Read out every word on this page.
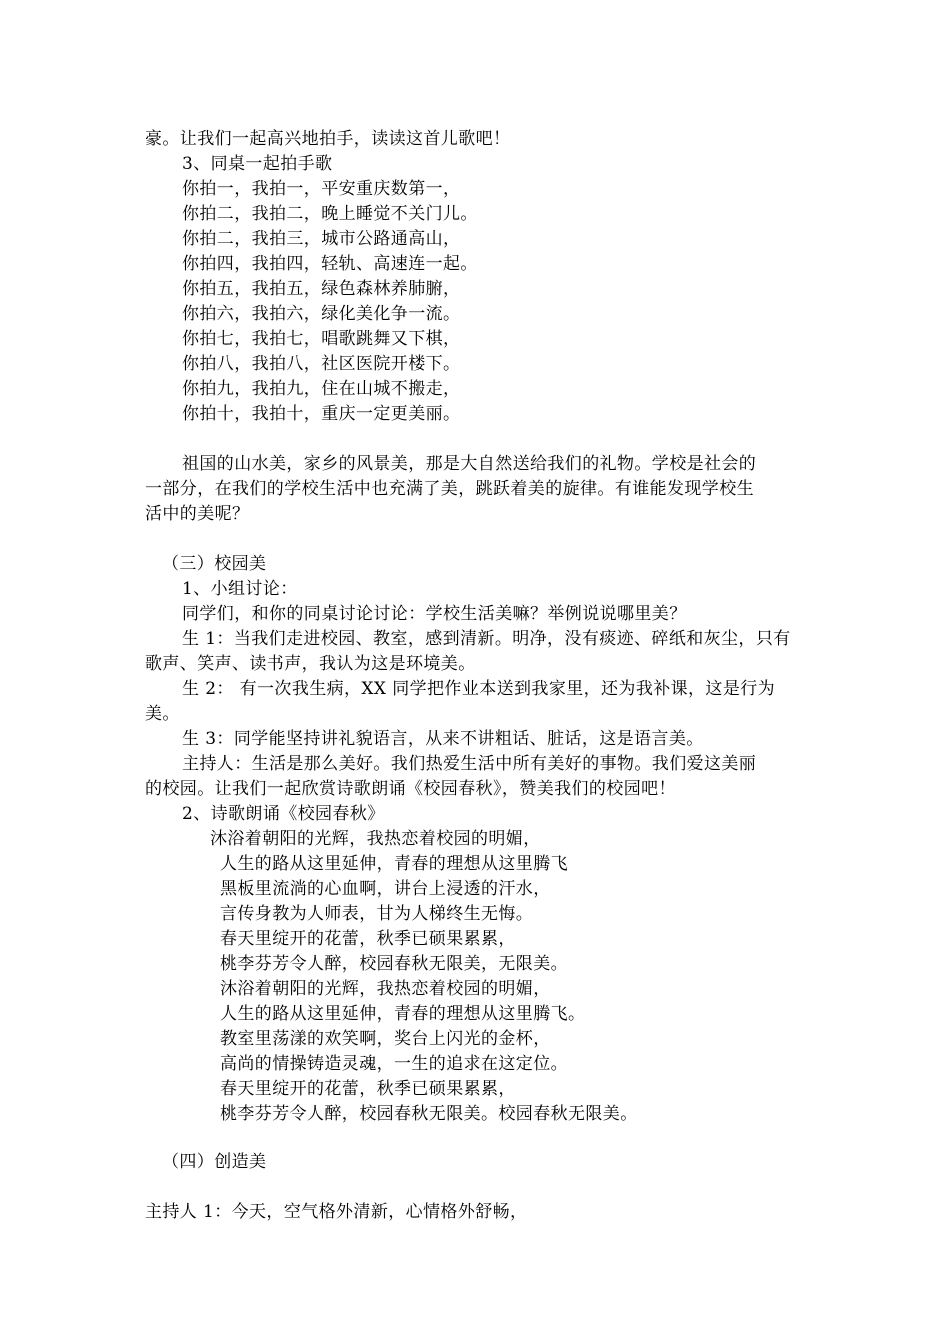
豪。让我们一起高兴地拍手，读读这首儿歌吧！
3、同桌一起拍手歌
你拍一，我拍一，平安重庆数第一，
你拍二，我拍二，晚上睡觉不关门儿。
你拍二，我拍三，城市公路通高山，
你拍四，我拍四，轻轨、高速连一起。
你拍五，我拍五，绿色森林养肺腑，
你拍六，我拍六，绿化美化争一流。
你拍七，我拍七，唱歌跳舞又下棋，
你拍八，我拍八，社区医院开楼下。
你拍九，我拍九，住在山城不搬走，
你拍十，我拍十，重庆一定更美丽。
祖国的山水美，家乡的风景美，那是大自然送给我们的礼物。学校是社会的
一部分，在我们的学校生活中也充满了美，跳跃着美的旋律。有谁能发现学校生
活中的美呢？
（三）校园美
1、小组讨论：
同学们，和你的同桌讨论讨论：学校生活美嘛？举例说说哪里美？
生 1：当我们走进校园、教室，感到清新。明净，没有痰迹、碎纸和灰尘，只有
歌声、笑声、读书声，我认为这是环境美。
生 2： 有一次我生病，XX 同学把作业本送到我家里，还为我补课，这是行为
美。
生 3：同学能坚持讲礼貌语言，从来不讲粗话、脏话，这是语言美。
主持人：生活是那么美好。我们热爱生活中所有美好的事物。我们爱这美丽
的校园。让我们一起欣赏诗歌朗诵《校园春秋》，赞美我们的校园吧！
2、诗歌朗诵《校园春秋》
沐浴着朝阳的光辉，我热恋着校园的明媚，
人生的路从这里延伸，青春的理想从这里腾飞
黑板里流淌的心血啊，讲台上浸透的汗水，
言传身教为人师表，甘为人梯终生无悔。
春天里绽开的花蕾，秋季已硕果累累，
桃李芬芳令人醉，校园春秋无限美，无限美。
沐浴着朝阳的光辉，我热恋着校园的明媚，
人生的路从这里延伸，青春的理想从这里腾飞。
教室里荡漾的欢笑啊，奖台上闪光的金杯，
高尚的情操铸造灵魂，一生的追求在这定位。
春天里绽开的花蕾，秋季已硕果累累，
桃李芬芳令人醉，校园春秋无限美。校园春秋无限美。
（四）创造美
主持人 1：今天，空气格外清新，心情格外舒畅，
